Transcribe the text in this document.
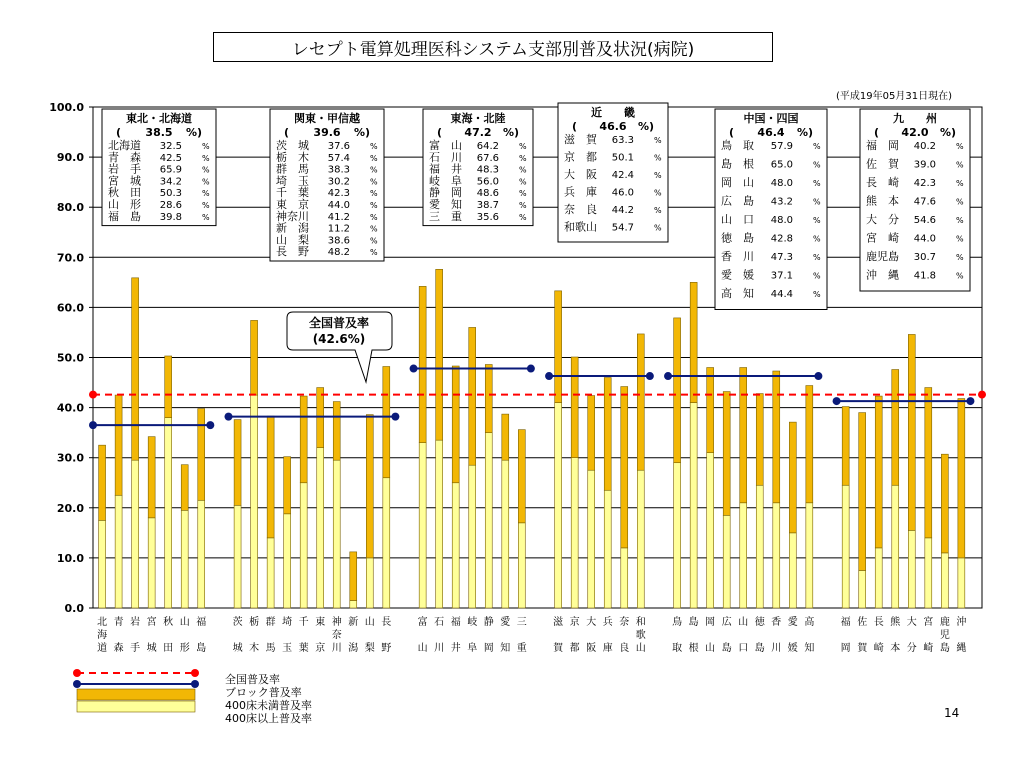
0.0
10.0
20.0
30.0
40.0
50.0
60.0
70.0
80.0
90.0
100.0
北
海
道
青
森
岩
手
宮
城
秋
田
山
形
福
島
茨
城
栃
木
群
馬
埼
玉
千
葉
東
京
神
奈
川
新
潟
山
梨
長
野
富
山
石
川
福
井
岐
阜
静
岡
愛
知
三
重
滋
賀
京
都
大
阪
兵
庫
奈
良
和
歌
山
鳥
取
島
根
岡
山
広
島
山
口
徳
島
香
川
愛
媛
高
知
福
岡
佐
賀
長
崎
熊
本
大
分
宮
崎
鹿
児
島
沖
縄
全国普及率
(42.6%)
東北・北海道
( 38.5 %)
北海道 32.5	%
青　森 42.5	%
岩　手 65.9	%
宮　城 34.2	%
秋　田 50.3	%
山　形 28.6	%
福　島 39.8	%
関東・甲信越
( 39.6 %)
茨　城 37.6	%
栃　木 57.4	%
群　馬 38.3	%
埼　玉 30.2	%
千　葉 42.3	%
東　京 44.0	%
神奈川 41.2	%
新　潟 11.2	%
山　梨 38.6	%
長　野 48.2	%
東海・北陸
( 47.2 %)
富　山 64.2	%
石　川 67.6	%
福　井 48.3	%
岐　阜 56.0	%
静　岡 48.6	%
愛　知 38.7	%
三　重 35.6	%
近　　畿
( 46.6 %)
滋　賀 63.3	%
京　都 50.1	%
大　阪 42.4	%
兵　庫 46.0	%
奈　良 44.2	%
和歌山 54.7	%
中国・四国
( 46.4 %)
鳥　取 57.9	%
島　根 65.0	%
岡　山 48.0	%
広　島 43.2	%
山　口 48.0	%
徳　島 42.8	%
香　川 47.3	%
愛　媛 37.1	%
高　知 44.4	%
九　　州
( 42.0 %)
福　岡 40.2	%
佐　賀 39.0	%
長　崎 42.3	%
熊　本 47.6	%
大　分 54.6	%
宮　崎 44.0	%
鹿児島 30.7	%
沖　縄 41.8	%
全国普及率
ブロック普及率
400床未満普及率
400床以上普及率
レセプト電算処理医科システム支部別普及状況(病院)
(平成19年05月31日現在)
14
